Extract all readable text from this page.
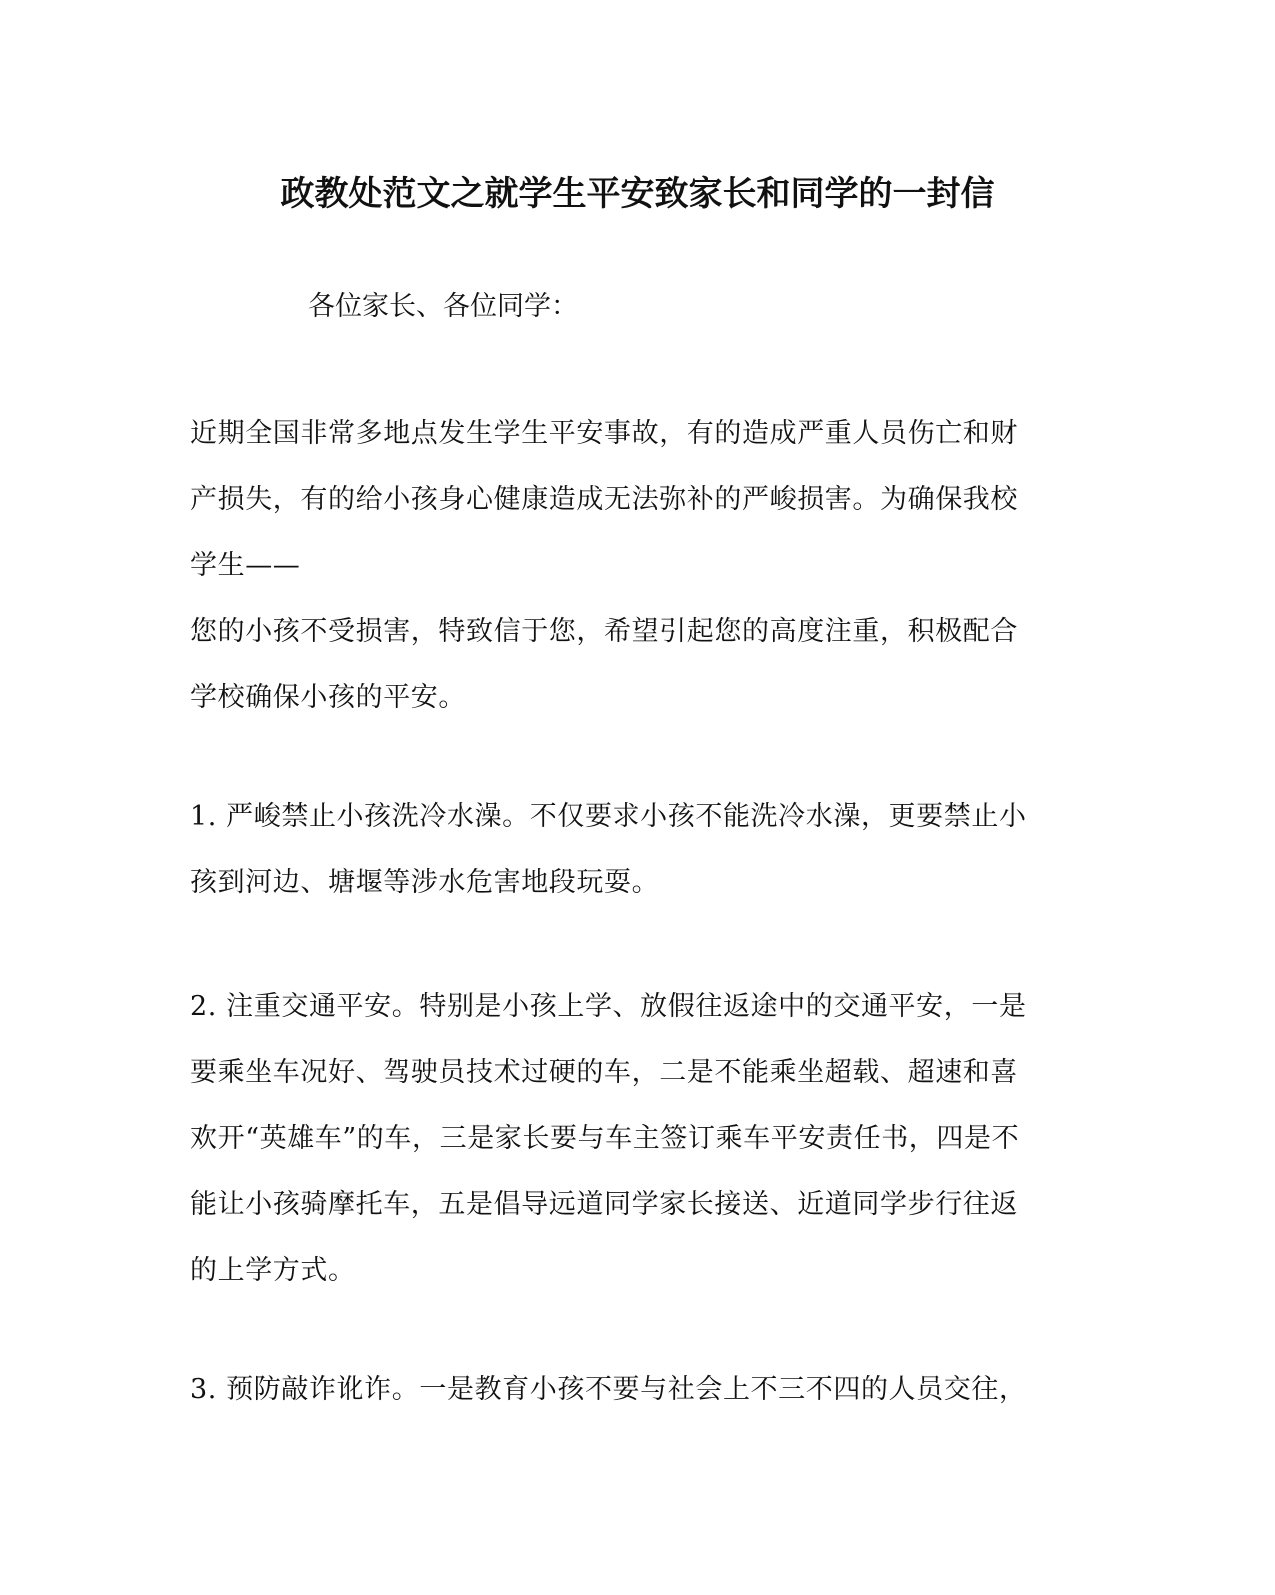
政教处范文之就学生平安致家长和同学的一封信

各位家长、各位同学：

近期全国非常多地点发生学生平安事故，有的造成严重人员伤亡和财
产损失，有的给小孩身心健康造成无法弥补的严峻损害。为确保我校
学生——
您的小孩不受损害，特致信于您，希望引起您的高度注重，积极配合
学校确保小孩的平安。
1. 严峻禁止小孩洗冷水澡。不仅要求小孩不能洗冷水澡，更要禁止小
孩到河边、塘堰等涉水危害地段玩耍。
2. 注重交通平安。特别是小孩上学、放假往返途中的交通平安，一是
要乘坐车况好、驾驶员技术过硬的车，二是不能乘坐超载、超速和喜
欢开“英雄车”的车，三是家长要与车主签订乘车平安责任书，四是不
能让小孩骑摩托车，五是倡导远道同学家长接送、近道同学步行往返
的上学方式。
3. 预防敲诈讹诈。一是教育小孩不要与社会上不三不四的人员交往，
